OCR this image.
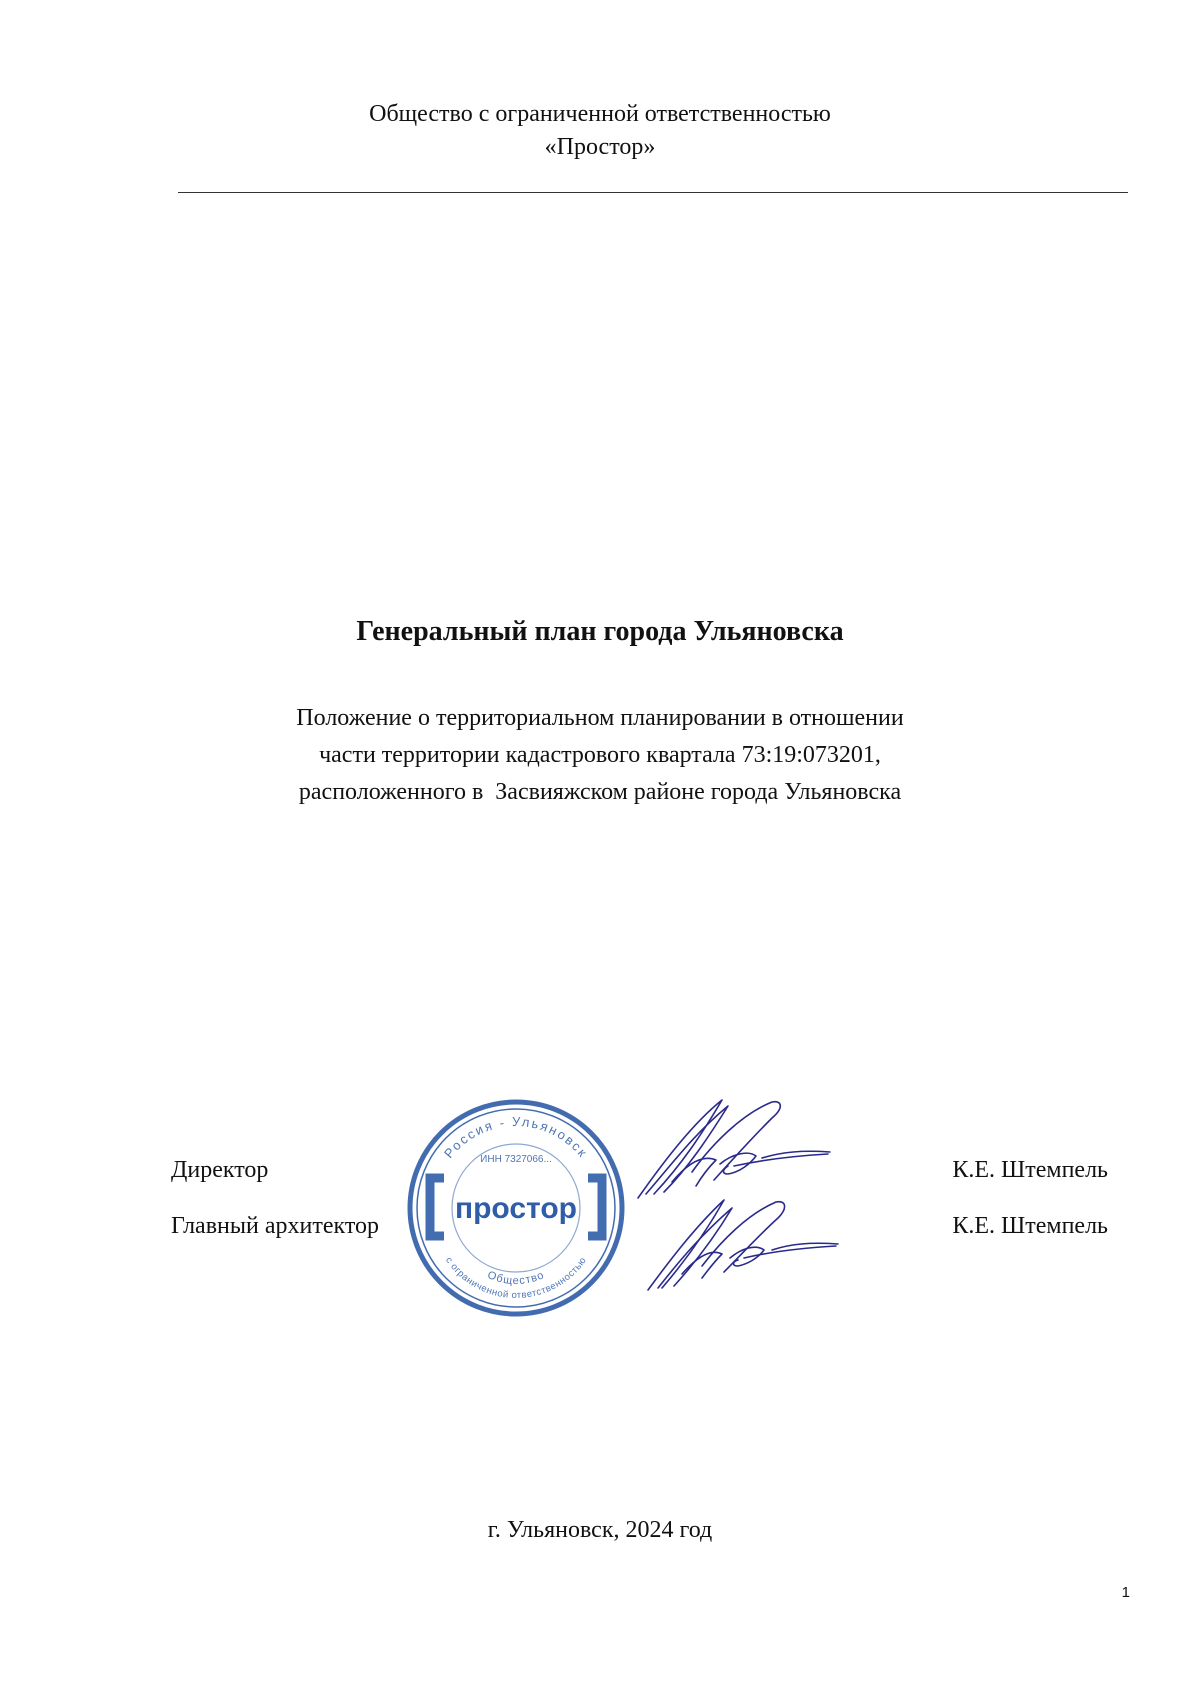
Общество с ограниченной ответственностью
«Простор»
Генеральный план города Ульяновска
Положение о территориальном планировании в отношении
части территории кадастрового квартала 73:19:073201,
расположенного в  Засвияжском районе города Ульяновска
Россия - Ульяновск
Общество
с ограниченной ответственностью
ИНН 7327066...
простор
Директор	К.Е. Штемпель
Главный архитектор	К.Е. Штемпель
г. Ульяновск, 2024 год
1
